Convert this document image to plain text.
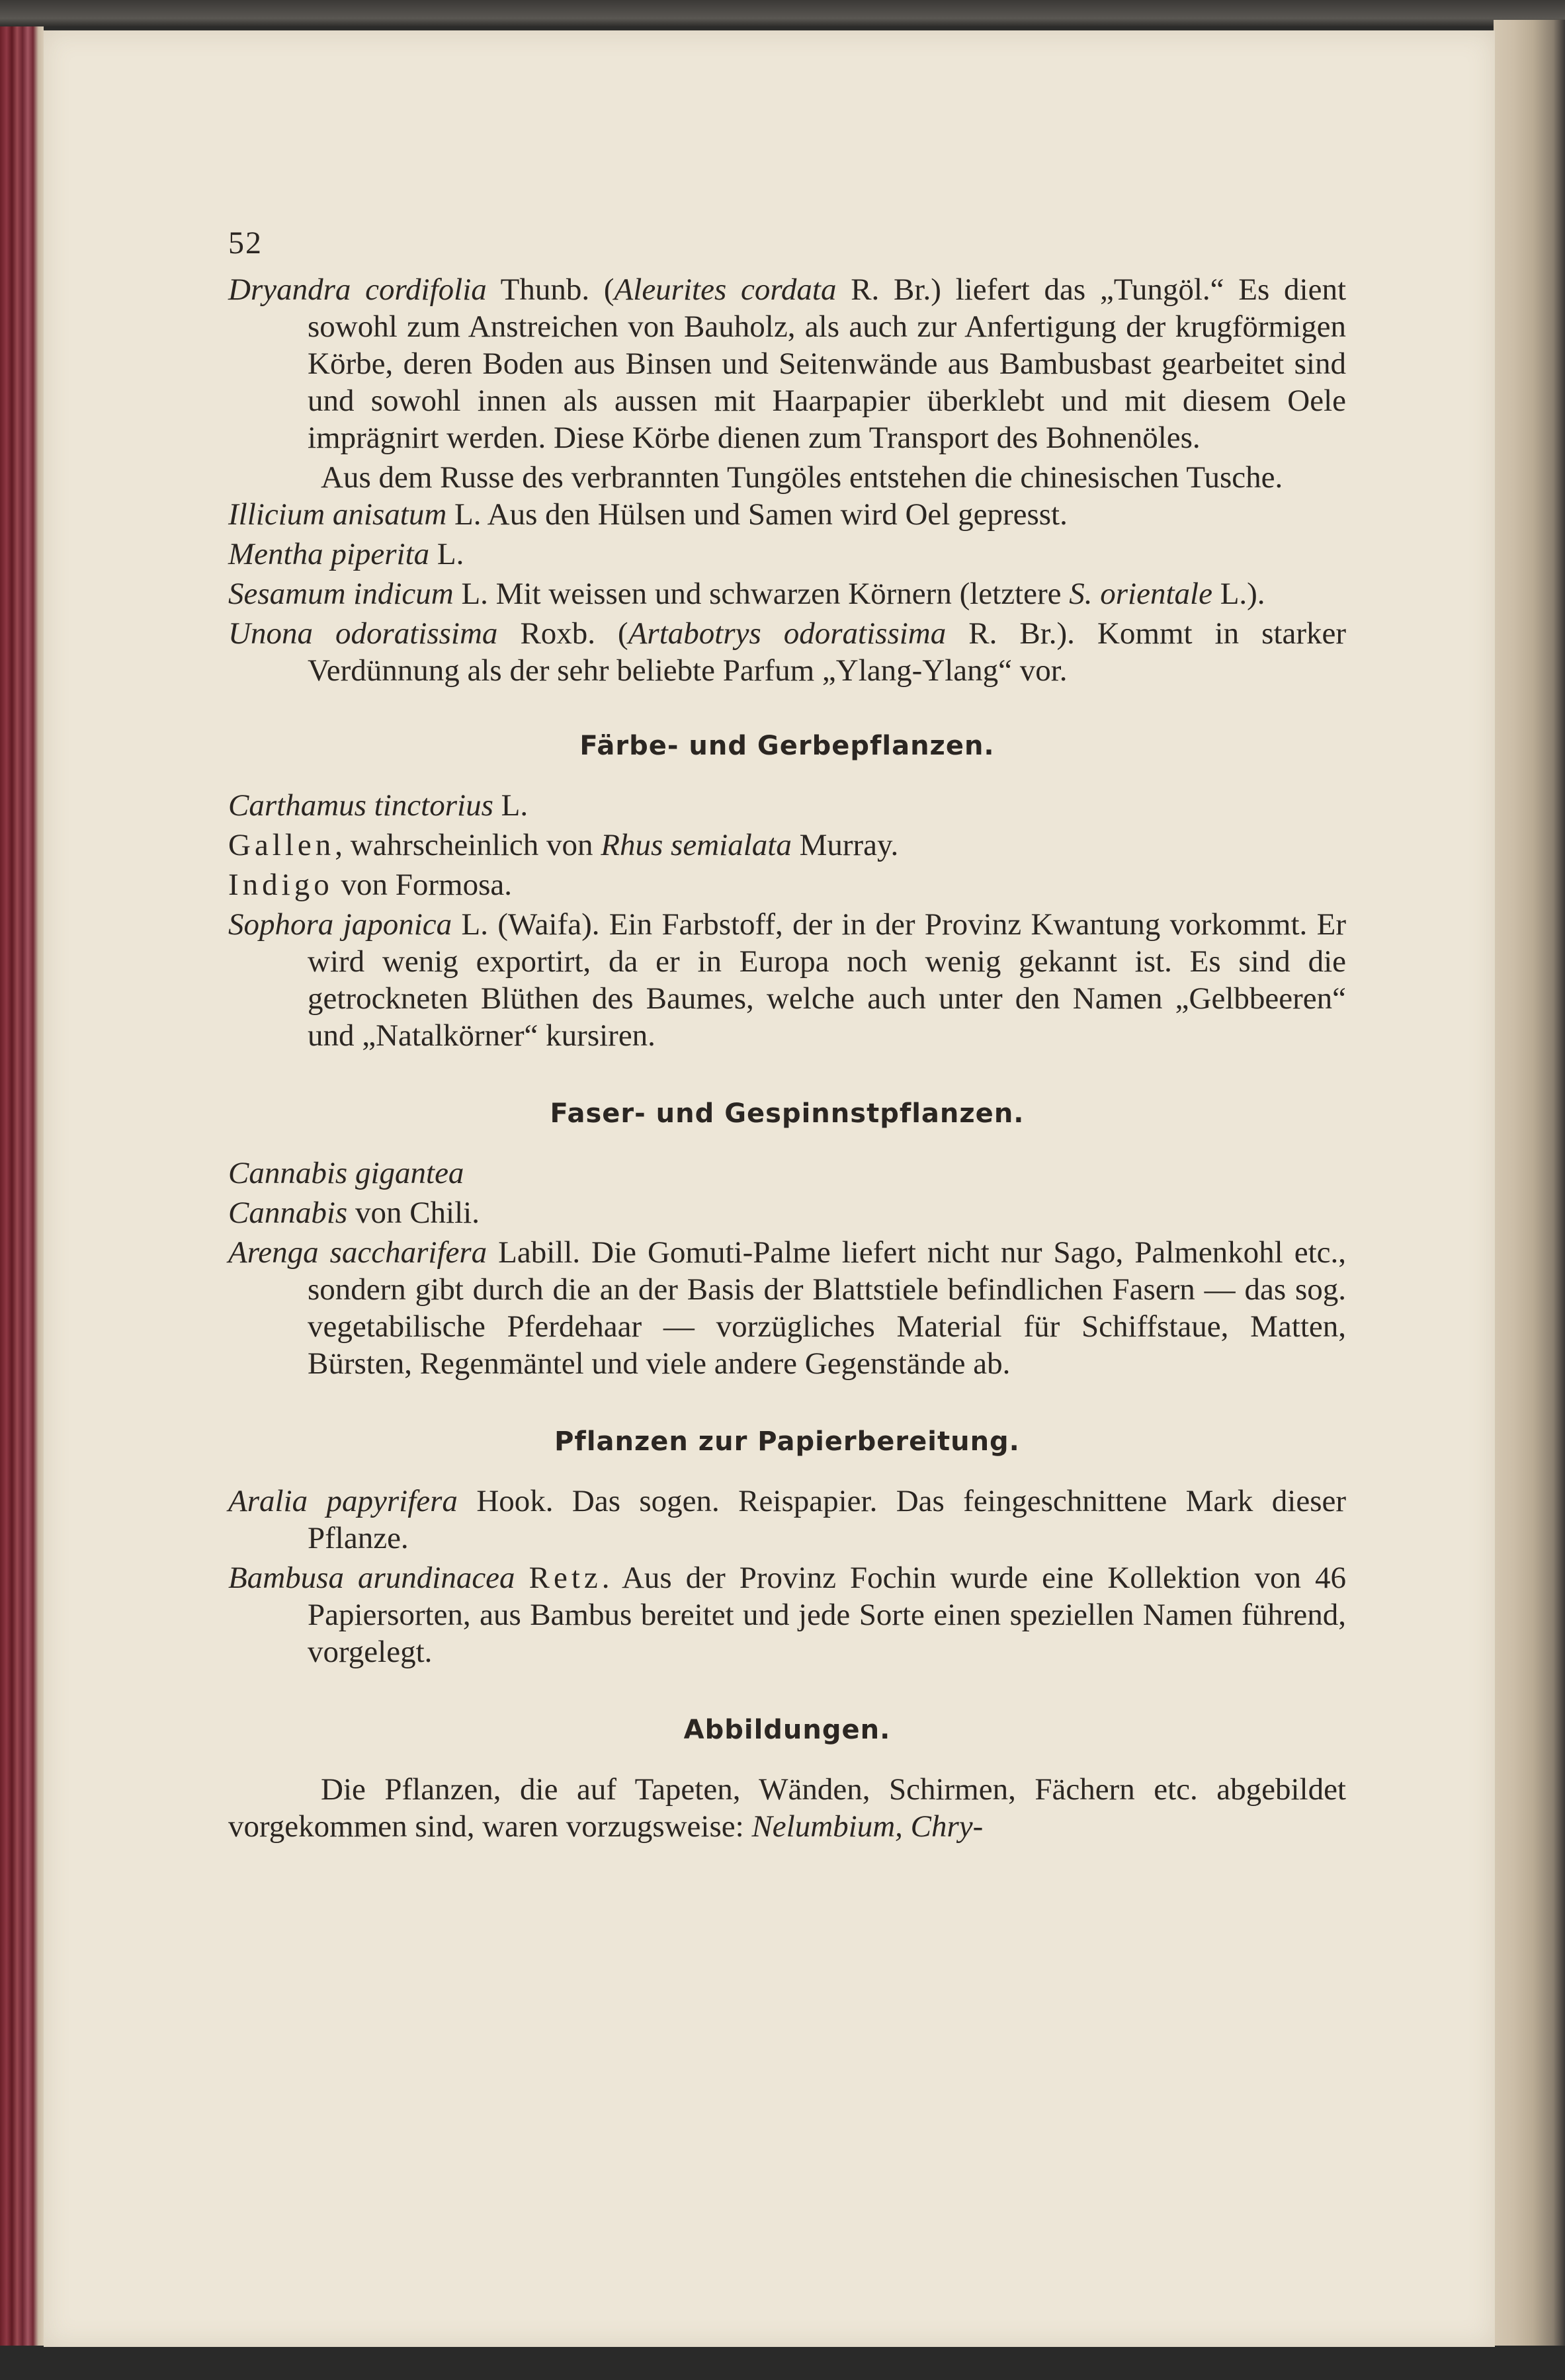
52

Dryandra cordifolia Thunb. (Aleurites cordata R. Br.) liefert das „Tungöl.“ Es dient sowohl zum Anstreichen von Bauholz, als auch zur Anfertigung der krugförmigen Körbe, deren Boden aus Binsen und Seitenwände aus Bambusbast gearbeitet sind und sowohl innen als aussen mit Haarpapier überklebt und mit diesem Oele imprägnirt werden. Diese Körbe dienen zum Transport des Bohnenöles.

Aus dem Russe des verbrannten Tungöles entstehen die chinesischen Tusche.

Illicium anisatum L. Aus den Hülsen und Samen wird Oel gepresst.

Mentha piperita L.

Sesamum indicum L. Mit weissen und schwarzen Körnern (letztere S. orientale L.).

Unona odoratissima Roxb. (Artabotrys odoratissima R. Br.). Kommt in starker Verdünnung als der sehr beliebte Parfum „Ylang-Ylang“ vor.

Färbe- und Gerbepflanzen.

Carthamus tinctorius L.

Gallen, wahrscheinlich von Rhus semialata Murray.

Indigo von Formosa.

Sophora japonica L. (Waifa). Ein Farbstoff, der in der Provinz Kwantung vorkommt. Er wird wenig exportirt, da er in Europa noch wenig gekannt ist. Es sind die getrockneten Blüthen des Baumes, welche auch unter den Namen „Gelbbeeren“ und „Natalkörner“ kursiren.

Faser- und Gespinnstpflanzen.

Cannabis gigantea

Cannabis von Chili.

Arenga saccharifera Labill. Die Gomuti-Palme liefert nicht nur Sago, Palmenkohl etc., sondern gibt durch die an der Basis der Blattstiele befindlichen Fasern — das sog. vegetabilische Pferdehaar — vorzügliches Material für Schiffstaue, Matten, Bürsten, Regenmäntel und viele andere Gegenstände ab.

Pflanzen zur Papierbereitung.

Aralia papyrifera Hook. Das sogen. Reispapier. Das feingeschnittene Mark dieser Pflanze.

Bambusa arundinacea Retz. Aus der Provinz Fochin wurde eine Kollektion von 46 Papiersorten, aus Bambus bereitet und jede Sorte einen speziellen Namen führend, vorgelegt.

Abbildungen.

Die Pflanzen, die auf Tapeten, Wänden, Schirmen, Fächern etc. abgebildet vorgekommen sind, waren vorzugsweise: Nelumbium, Chry-
